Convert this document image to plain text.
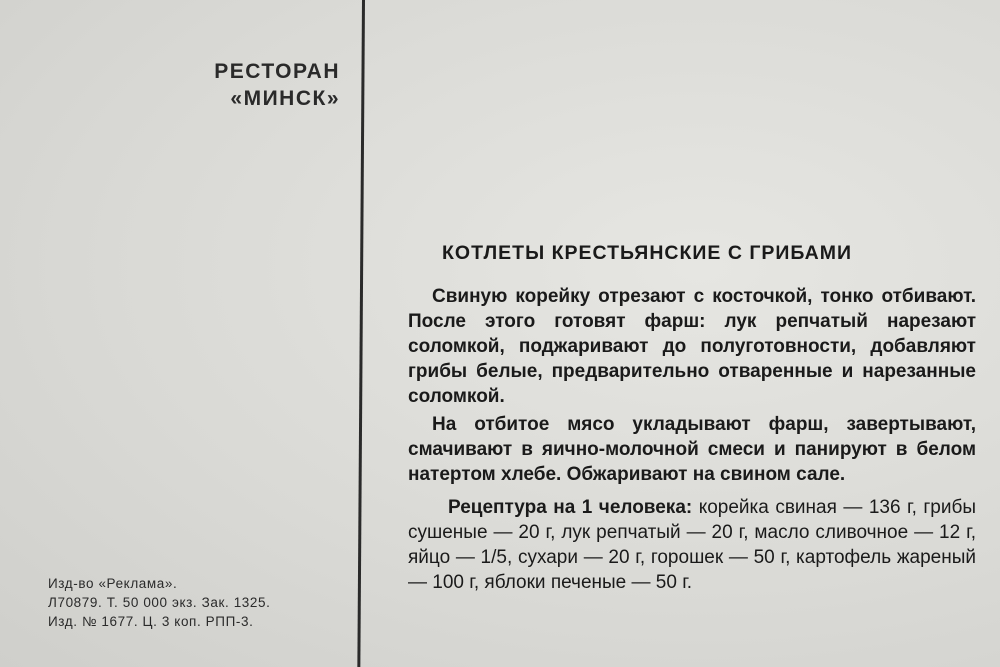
РЕСТОРАН
«МИНСК»
Изд-во «Реклама».
Л70879. Т. 50 000 экз. Зак. 1325.
Изд. № 1677. Ц. 3 коп. РПП-3.
КОТЛЕТЫ КРЕСТЬЯНСКИЕ С ГРИБАМИ

Свиную корейку отрезают с косточкой, тонко отбивают. После этого готовят фарш: лук репчатый нарезают соломкой, поджаривают до полуготовности, добавляют грибы белые, предварительно отваренные и нарезанные соломкой.

На отбитое мясо укладывают фарш, завертывают, смачивают в яично-молочной смеси и панируют в белом натертом хлебе. Обжаривают на свином сале.

Рецептура на 1 человека: корейка свиная — 136 г, грибы сушеные — 20 г, лук репчатый — 20 г, масло сливочное — 12 г, яйцо — 1/5, сухари — 20 г, горошек — 50 г, картофель жареный — 100 г, яблоки печеные — 50 г.
